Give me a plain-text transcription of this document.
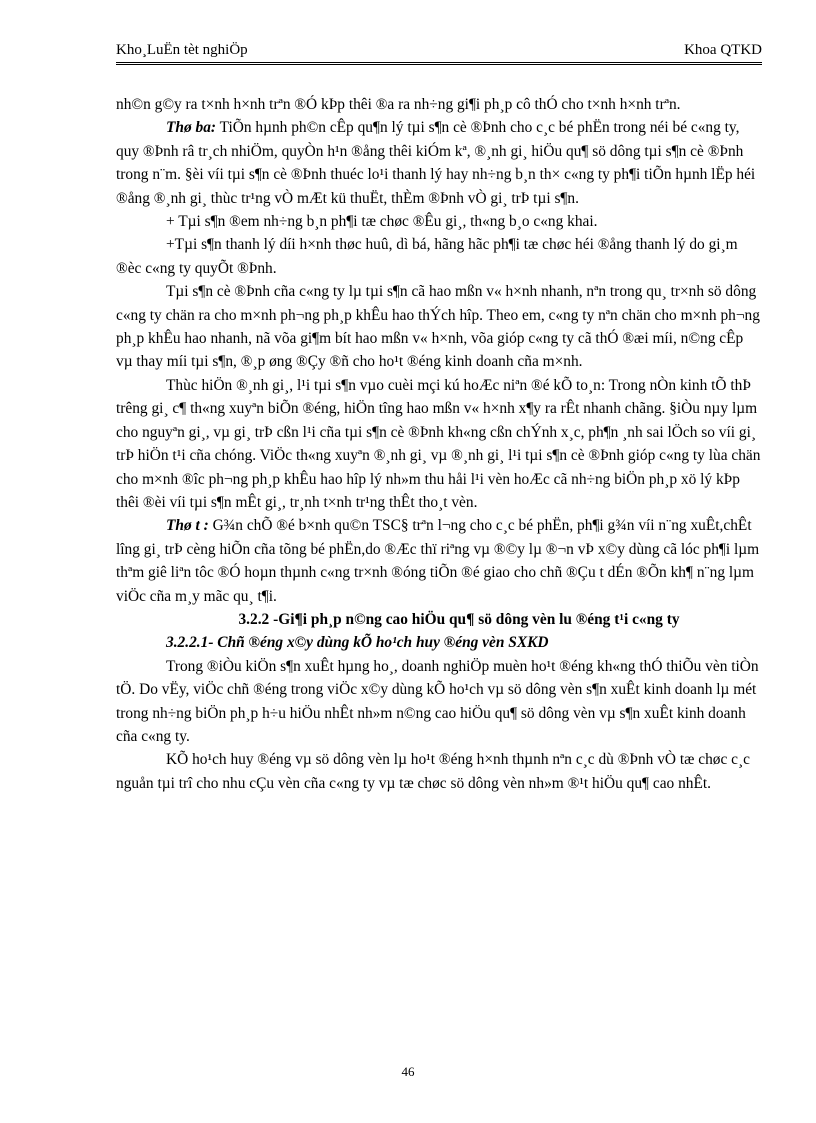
Kho¸LuËn tèt nghiÖp	Khoa QTKD

nh©n g©y ra t×nh h×nh trªn ®Ó kÞp thêi ®a ra nh÷ng gi¶i ph¸p cô thÓ cho t×nh h×nh trªn.

Thø ba: TiÕn hµnh ph©n cÊp qu¶n lý tµi s¶n cè ®Þnh cho c¸c bé phËn trong néi bé c«ng ty, quy ®Þnh râ tr¸ch nhiÖm, quyÒn h¹n ®ång thêi kiÓm kª, ®¸nh gi¸ hiÖu qu¶ sö dông tµi s¶n cè ®Þnh trong n¨m. §èi víi tµi s¶n cè ®Þnh thuéc lo¹i thanh lý hay nh÷ng b¸n th× c«ng ty ph¶i tiÕn hµnh lËp héi ®ång ®¸nh gi¸ thùc tr¹ng vÒ mÆt kü thuËt, thÈm ®Þnh vÒ gi¸ trÞ tµi s¶n.

+ Tµi s¶n ®em nh÷ng b¸n ph¶i tæ chøc ®Êu gi¸, th«ng b¸o c«ng khai.

+Tµi s¶n thanh lý díi h×nh thøc huû, dì bá, hãng hãc ph¶i tæ chøc héi ®ång thanh lý do gi¸m ®èc c«ng ty quyÕt ®Þnh.

Tµi s¶n cè ®Þnh cña c«ng ty lµ tµi s¶n cã hao mßn v« h×nh nhanh, nªn trong qu¸ tr×nh sö dông c«ng ty chän ra cho m×nh ph¬ng ph¸p khÊu hao thÝch hîp. Theo em, c«ng ty nªn chän cho m×nh ph¬ng ph¸p khÊu hao nhanh, nã võa gi¶m bít hao mßn v« h×nh, võa gióp c«ng ty cã thÓ ®æi míi, n©ng cÊp vµ thay míi tµi s¶n, ®¸p øng ®Çy ®ñ cho ho¹t ®éng kinh doanh cña m×nh.

Thùc hiÖn ®¸nh gi¸, l¹i tµi s¶n vµo cuèi mçi kú hoÆc niªn ®é kÕ to¸n: Trong nÒn kinh tÕ thÞ trêng gi¸ c¶ th«ng xuyªn biÕn ®éng, hiÖn tîng hao mßn v« h×nh x¶y ra rÊt nhanh chãng. §iÒu nµy lµm cho nguyªn gi¸, vµ gi¸ trÞ cßn l¹i cña tµi s¶n cè ®Þnh kh«ng cßn chÝnh x¸c, ph¶n ¸nh sai lÖch so víi gi¸ trÞ hiÖn t¹i cña chóng. ViÖc th«ng xuyªn ®¸nh gi¸ vµ ®¸nh gi¸ l¹i tµi s¶n cè ®Þnh gióp c«ng ty lùa chän cho m×nh ®îc ph¬ng ph¸p khÊu hao hîp lý nh»m thu håi l¹i vèn hoÆc cã nh÷ng biÖn ph¸p xö lý kÞp thêi ®èi víi tµi s¶n mÊt gi¸, tr¸nh t×nh tr¹ng thÊt tho¸t vèn.

Thø t : G¾n chÕ ®é b×nh qu©n TSC§ trªn l¬ng cho c¸c bé phËn, ph¶i g¾n víi n¨ng xuÊt,chÊt lîng gi¸ trÞ cèng hiÕn cña tõng bé phËn,do ®Æc thï riªng vµ ®©y lµ ®¬n vÞ x©y dùng cã lóc ph¶i lµm thªm giê liªn tôc ®Ó hoµn thµnh c«ng tr×nh ®óng tiÕn ®é giao cho chñ ®Çu t dÉn ®Õn kh¶ n¨ng lµm viÖc cña m¸y mãc qu¸ t¶i.

3.2.2 -Gi¶i ph¸p n©ng cao hiÖu qu¶ sö dông vèn lu ®éng t¹i c«ng ty

3.2.2.1- Chñ ®éng x©y dùng kÕ ho¹ch huy ®éng vèn SXKD

Trong ®iÒu kiÖn s¶n xuÊt hµng ho¸, doanh nghiÖp muèn ho¹t ®éng kh«ng thÓ thiÕu vèn tiÒn tÖ. Do vËy, viÖc chñ ®éng trong viÖc x©y dùng kÕ ho¹ch vµ sö dông vèn s¶n xuÊt kinh doanh lµ mét trong nh÷ng biÖn ph¸p h÷u hiÖu nhÊt nh»m n©ng cao hiÖu qu¶ sö dông vèn vµ s¶n xuÊt kinh doanh cña c«ng ty.

KÕ ho¹ch huy ®éng vµ sö dông vèn lµ ho¹t ®éng h×nh thµnh nªn c¸c dù ®Þnh vÒ tæ chøc c¸c nguån tµi trî cho nhu cÇu vèn cña c«ng ty vµ tæ chøc sö dông vèn nh»m ®¹t hiÖu qu¶ cao nhÊt.

46
